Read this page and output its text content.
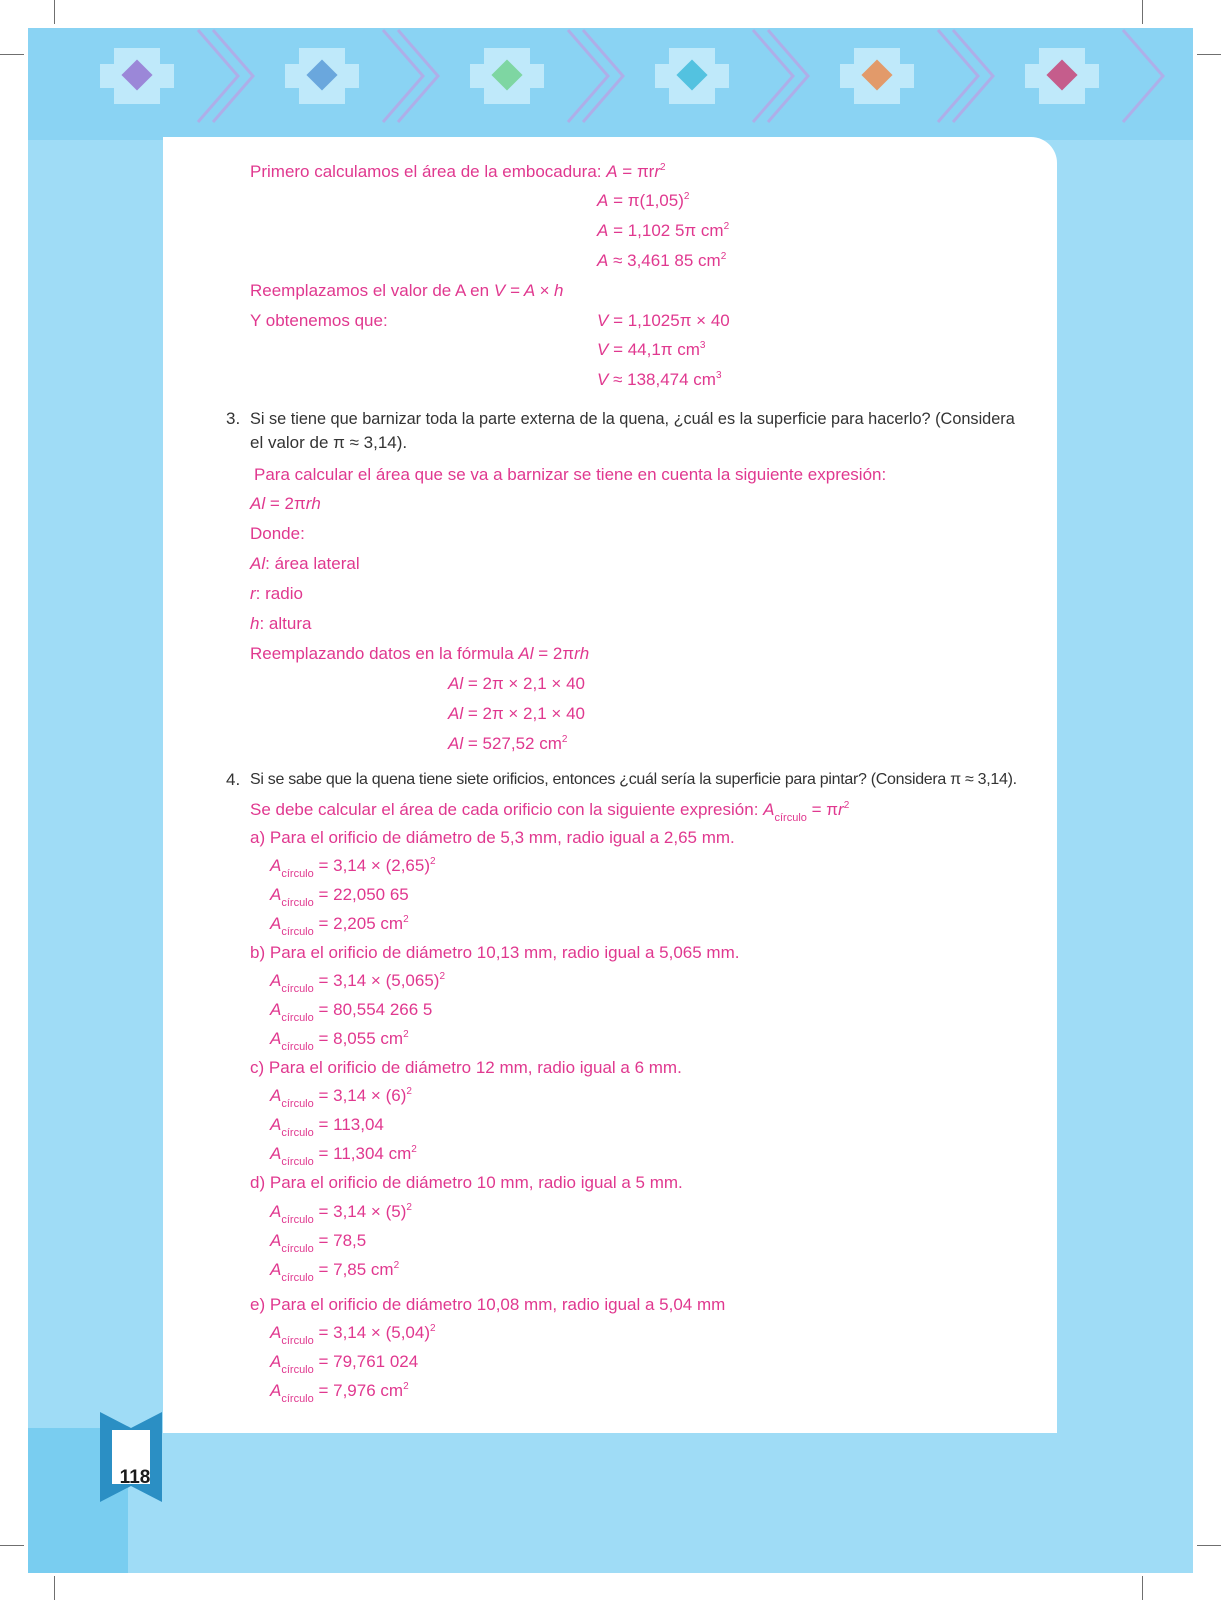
118
Primero calculamos el área de la embocadura: A = πrr$^2$
$A = \pi(1,05)^2$
A = 1,102 5π $cm^2$
A ≈ 3,461 85 $cm^2$
Reemplazamos el valor de A en V = A × h
Y obtenemos que:	V = 1,1025π × 40
V = 44,1π $cm^3$
V ≈ 138,474 $cm^3$
3. Si se tiene que barnizar toda la parte externa de la quena, ¿cuál es la superficie para hacerlo? (Considera
el valor de π ≈ 3,14).
Para calcular el área que se va a barnizar se tiene en cuenta la siguiente expresión:
Al = 2πrh
Donde:
Al: área lateral
r: radio
h: altura
Reemplazando datos en la fórmula Al = 2πrh
Al = 2π × 2,1 × 40
Al = 2π × 2,1 × 40
Al = 527,52 $cm^2$
4. Si se sabe que la quena tiene siete orificios, entonces ¿cuál sería la superficie para pintar? (Considera π ≈ 3,14).
Se debe calcular el área de cada orificio con la siguiente expresión: $A_{círculo} = \pi r^2$
a) Para el orificio de diámetro de 5,3 mm, radio igual a 2,65 mm.
$A_{círculo} = 3,14 \times (2,65)^2$
$A_{círculo} = 22,050$ 65
$A_{círculo} = 2,205$ $cm^2$
b) Para el orificio de diámetro 10,13 mm, radio igual a 5,065 mm.
$A_{círculo} = 3,14 \times (5,065)^2$
$A_{círculo} = 80,554$ 266 5
$A_{círculo} = 8,055$ $cm^2$
c) Para el orificio de diámetro 12 mm, radio igual a 6 mm.
$A_{círculo} = 3,14 \times (6)^2$
$A_{círculo} = 113,04$
$A_{círculo} = 11,304$ $cm^2$
d) Para el orificio de diámetro 10 mm, radio igual a 5 mm.
$A_{círculo} = 3,14 \times (5)^2$
$A_{círculo} = 78,5$
$A_{círculo} = 7,85$ $cm^2$
e) Para el orificio de diámetro 10,08 mm, radio igual a 5,04 mm
$A_{círculo} = 3,14 \times (5,04)^2$
$A_{círculo} = 79,761$ 024
$A_{círculo} = 7,976$ $cm^2$
